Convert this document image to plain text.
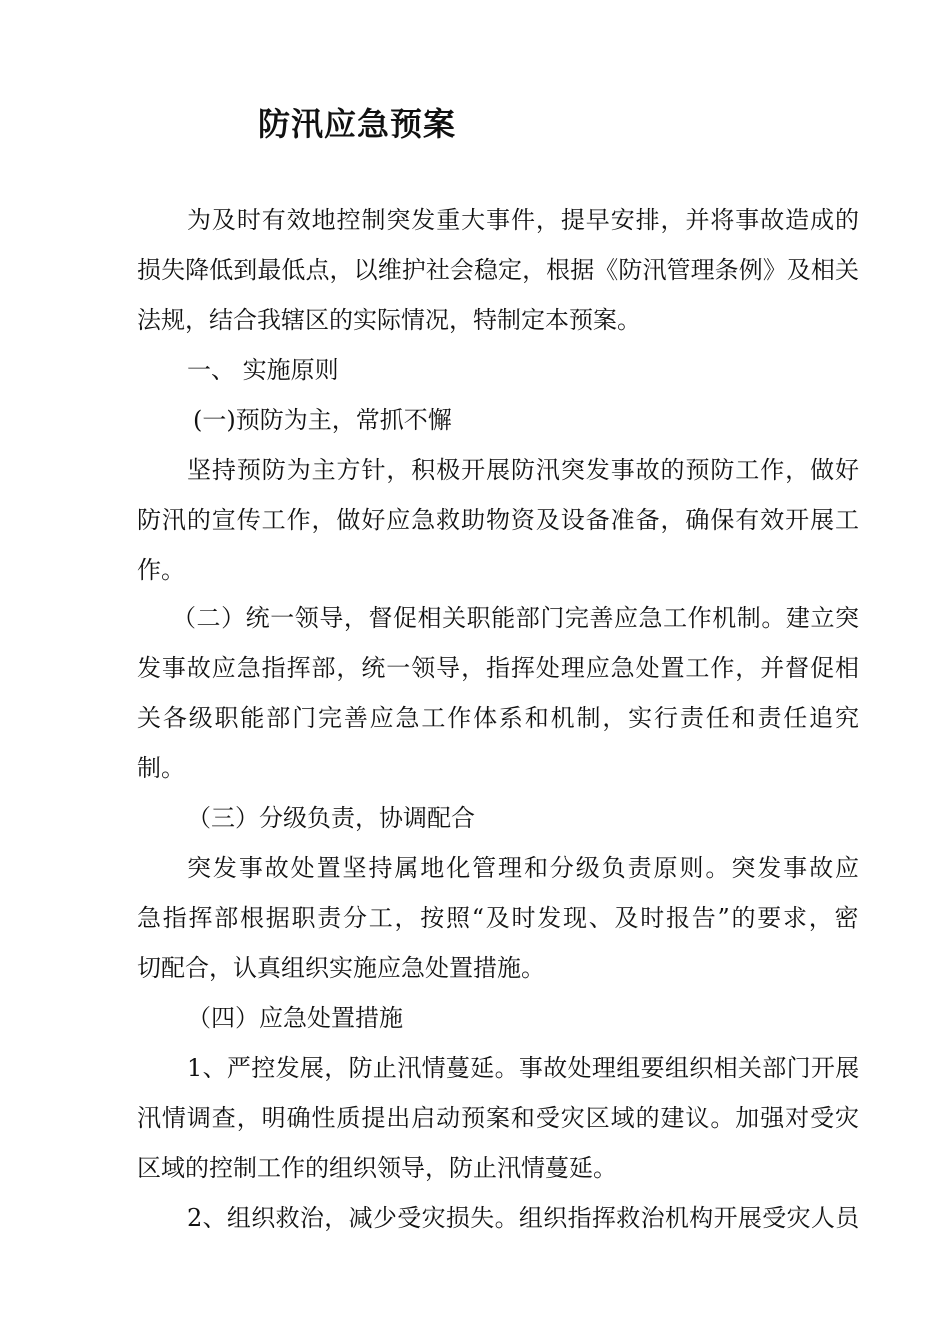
防汛应急预案
为及时有效地控制突发重大事件，提早安排，并将事故造成的
损失降低到最低点，以维护社会稳定，根据《防汛管理条例》及相关
法规，结合我辖区的实际情况，特制定本预案。
一、 实施原则
(一)预防为主，常抓不懈
坚持预防为主方针，积极开展防汛突发事故的预防工作，做好
防汛的宣传工作，做好应急救助物资及设备准备，确保有效开展工
作。
（二）统一领导，督促相关职能部门完善应急工作机制。建立突
发事故应急指挥部，统一领导，指挥处理应急处置工作，并督促相
关各级职能部门完善应急工作体系和机制，实行责任和责任追究
制。
（三）分级负责，协调配合
突发事故处置坚持属地化管理和分级负责原则。突发事故应
急指挥部根据职责分工，按照“及时发现、及时报告”的要求，密
切配合，认真组织实施应急处置措施。
（四）应急处置措施
1、严控发展，防止汛情蔓延。事故处理组要组织相关部门开展
汛情调查，明确性质提出启动预案和受灾区域的建议。加强对受灾
区域的控制工作的组织领导，防止汛情蔓延。
2、组织救治，减少受灾损失。组织指挥救治机构开展受灾人员
